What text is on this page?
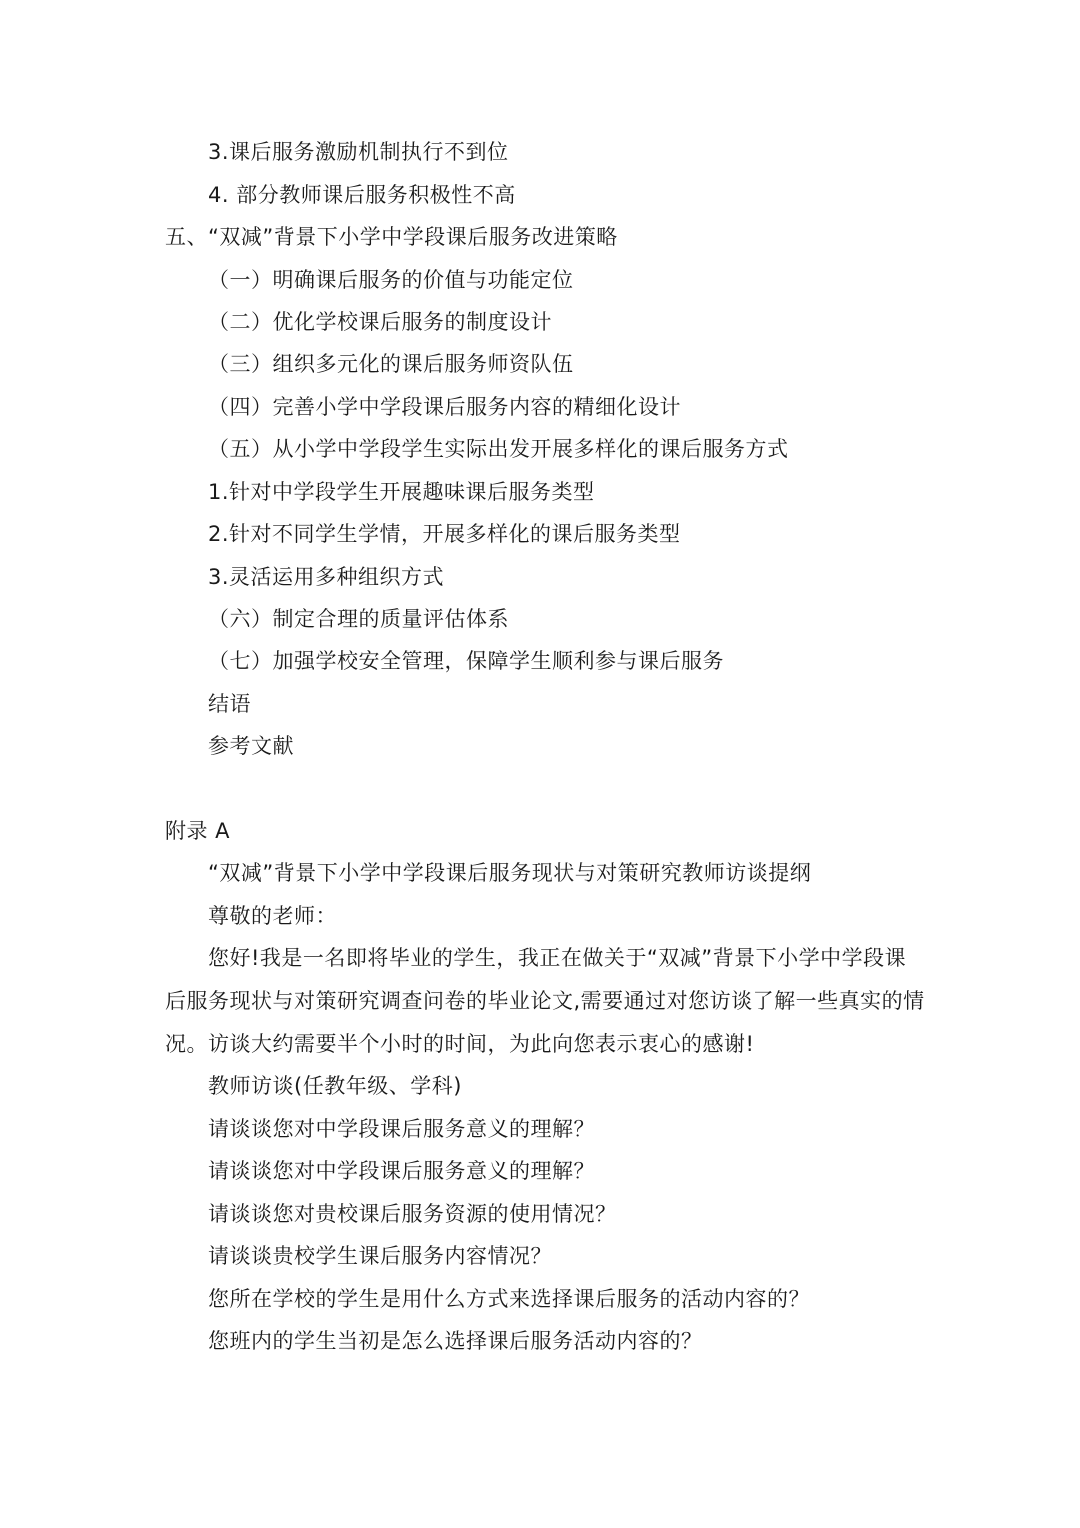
3.课后服务激励机制执行不到位
4. 部分教师课后服务积极性不高
五、“双减”背景下小学中学段课后服务改进策略
（一）明确课后服务的价值与功能定位
（二）优化学校课后服务的制度设计
（三）组织多元化的课后服务师资队伍
（四）完善小学中学段课后服务内容的精细化设计
（五）从小学中学段学生实际出发开展多样化的课后服务方式
1.针对中学段学生开展趣味课后服务类型
2.针对不同学生学情，开展多样化的课后服务类型
3.灵活运用多种组织方式
（六）制定合理的质量评估体系
（七）加强学校安全管理，保障学生顺利参与课后服务
结语
参考文献
附录 A
“双减”背景下小学中学段课后服务现状与对策研究教师访谈提纲
尊敬的老师：
您好!我是一名即将毕业的学生，我正在做关于“双减”背景下小学中学段课后服务现状与对策研究调查问卷的毕业论文,需要通过对您访谈了解一些真实的情况。访谈大约需要半个小时的时间，为此向您表示衷心的感谢!
教师访谈(任教年级、学科)
请谈谈您对中学段课后服务意义的理解？
请谈谈您对中学段课后服务意义的理解？
请谈谈您对贵校课后服务资源的使用情况？
请谈谈贵校学生课后服务内容情况？
您所在学校的学生是用什么方式来选择课后服务的活动内容的？
您班内的学生当初是怎么选择课后服务活动内容的？
